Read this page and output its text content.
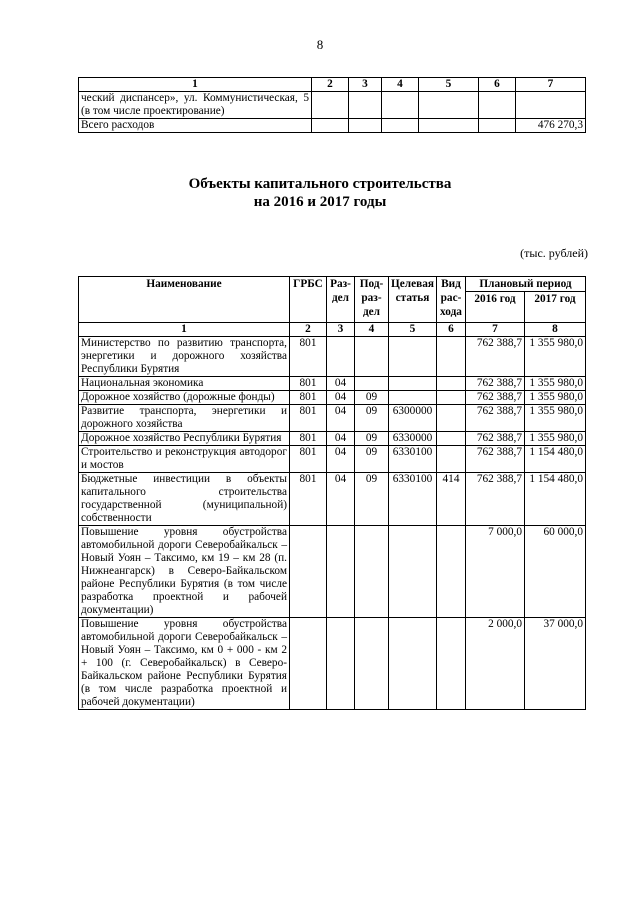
8
1	2	3	4	5	6	7
ческий диспансер», ул. Коммунистическая, 5 (в том числе проектирование)						
Всего расходов						476 270,3
Объекты капитального строительства
на 2016 и 2017 годы
(тыс. рублей)
Наименование	ГРБС	Раз-дел	Под-раз-дел	Целевая статья	Вид рас-хода	Плановый период	
						2016 год	2017 год
1	2	3	4	5	6	7	8
Министерство по развитию транспорта, энергетики и дорожного хозяйства Республики Бурятия	801					762 388,7	1 355 980,0
Национальная экономика	801	04				762 388,7	1 355 980,0
Дорожное хозяйство (дорожные фонды)	801	04	09			762 388,7	1 355 980,0
Развитие транспорта, энергетики и дорожного хозяйства	801	04	09	6300000		762 388,7	1 355 980,0
Дорожное хозяйство Республики Бурятия	801	04	09	6330000		762 388,7	1 355 980,0
Строительство и реконструкция автодорог и мостов	801	04	09	6330100		762 388,7	1 154 480,0
Бюджетные инвестиции в объекты капитального строительства государственной (муниципальной) собственности	801	04	09	6330100	414	762 388,7	1 154 480,0
Повышение уровня обустройства автомобильной дороги Северобайкальск – Новый Уоян – Таксимо, км 19 – км 28 (п. Нижнеангарск) в Северо-Байкальском районе Республики Бурятия (в том числе разработка проектной и рабочей документации)						7 000,0	60 000,0
Повышение уровня обустройства автомобильной дороги Северобайкальск – Новый Уоян – Таксимо, км 0 + 000 - км 2 + 100 (г. Северобайкальск) в Северо-Байкальском районе Республики Бурятия (в том числе разработка проектной и рабочей документации)						2 000,0	37 000,0
